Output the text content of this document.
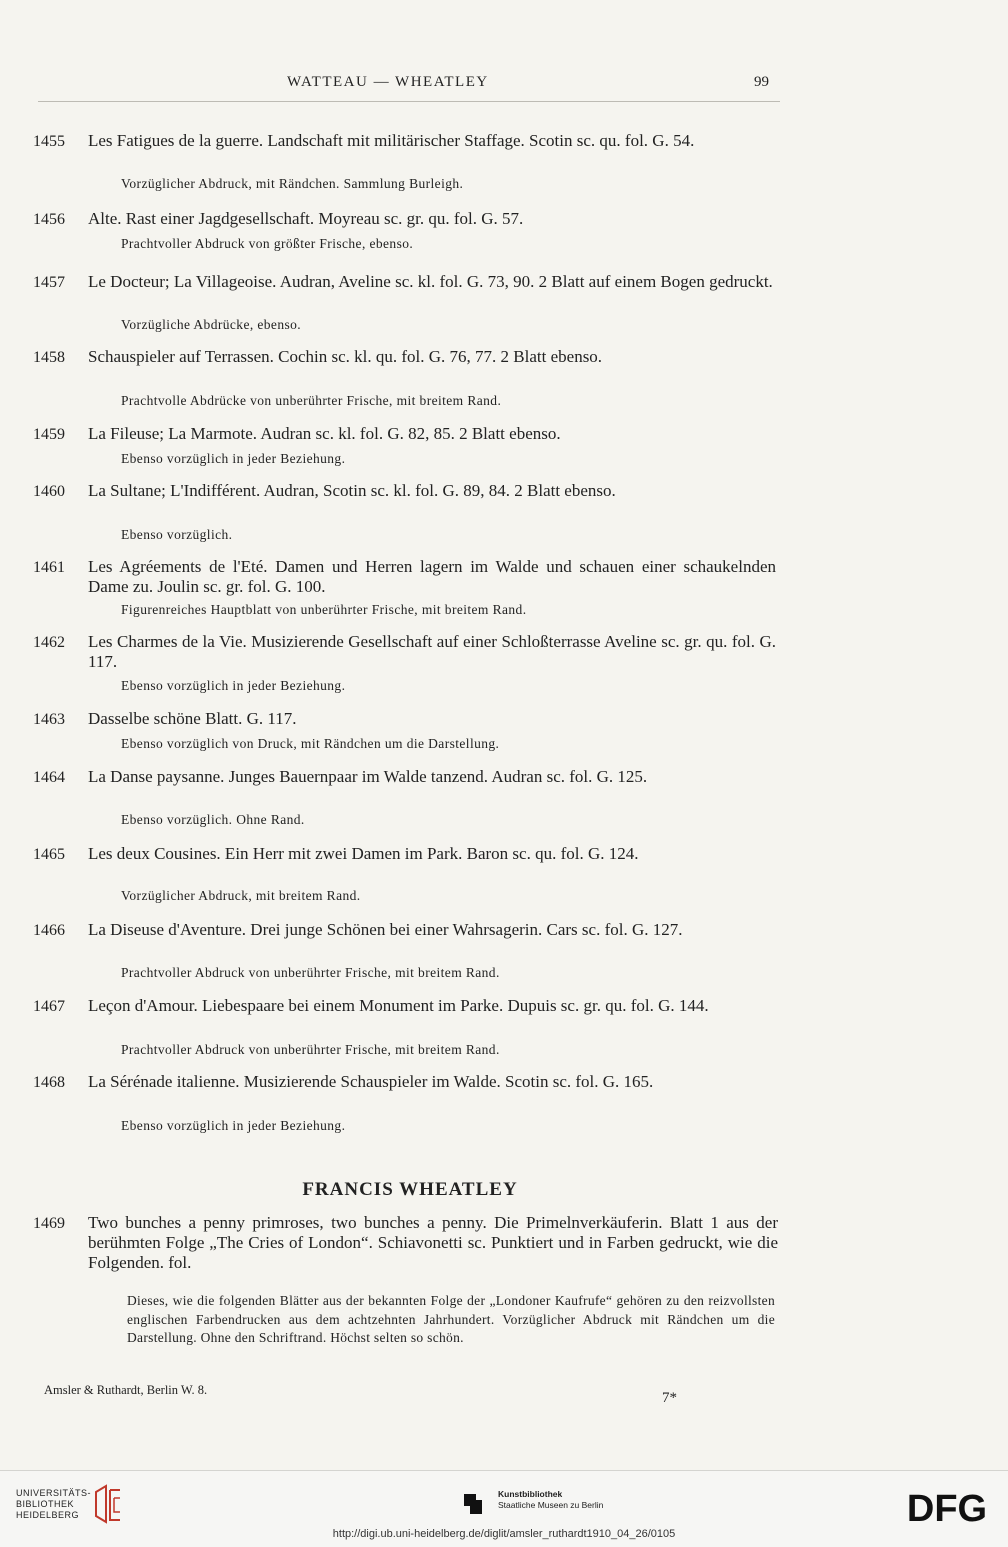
WATTEAU — WHEATLEY	99
1455 Les Fatigues de la guerre. Landschaft mit militärischer Staffage. Scotin sc. qu. fol. G. 54.
Vorzüglicher Abdruck, mit Rändchen. Sammlung Burleigh.
1456 Alte. Rast einer Jagdgesellschaft. Moyreau sc. gr. qu. fol. G. 57.
Prachtvoller Abdruck von größter Frische, ebenso.
1457 Le Docteur; La Villageoise. Audran, Aveline sc. kl. fol. G. 73, 90. 2 Blatt auf einem Bogen gedruckt.
Vorzügliche Abdrücke, ebenso.
1458 Schauspieler auf Terrassen. Cochin sc. kl. qu. fol. G. 76, 77. 2 Blatt ebenso.
Prachtvolle Abdrücke von unberührter Frische, mit breitem Rand.
1459 La Fileuse; La Marmote. Audran sc. kl. fol. G. 82, 85. 2 Blatt ebenso.
Ebenso vorzüglich in jeder Beziehung.
1460 La Sultane; L'Indifférent. Audran, Scotin sc. kl. fol. G. 89, 84. 2 Blatt ebenso.
Ebenso vorzüglich.
1461 Les Agréements de l'Eté. Damen und Herren lagern im Walde und schauen einer schaukelnden Dame zu. Joulin sc. gr. fol. G. 100.
Figurenreiches Hauptblatt von unberührter Frische, mit breitem Rand.
1462 Les Charmes de la Vie. Musizierende Gesellschaft auf einer Schloßterrasse Aveline sc. gr. qu. fol. G. 117.
Ebenso vorzüglich in jeder Beziehung.
1463 Dasselbe schöne Blatt. G. 117.
Ebenso vorzüglich von Druck, mit Rändchen um die Darstellung.
1464 La Danse paysanne. Junges Bauernpaar im Walde tanzend. Audran sc. fol. G. 125.
Ebenso vorzüglich. Ohne Rand.
1465 Les deux Cousines. Ein Herr mit zwei Damen im Park. Baron sc. qu. fol. G. 124.
Vorzüglicher Abdruck, mit breitem Rand.
1466 La Diseuse d'Aventure. Drei junge Schönen bei einer Wahrsagerin. Cars sc. fol. G. 127.
Prachtvoller Abdruck von unberührter Frische, mit breitem Rand.
1467 Leçon d'Amour. Liebespaare bei einem Monument im Parke. Dupuis sc. gr. qu. fol. G. 144.
Prachtvoller Abdruck von unberührter Frische, mit breitem Rand.
1468 La Sérénade italienne. Musizierende Schauspieler im Walde. Scotin sc. fol. G. 165.
Ebenso vorzüglich in jeder Beziehung.
FRANCIS WHEATLEY
1469 Two bunches a penny primroses, two bunches a penny. Die Primelnverkäuferin. Blatt 1 aus der berühmten Folge „The Cries of London“. Schiavonetti sc. Punktiert und in Farben gedruckt, wie die Folgenden. fol.
Dieses, wie die folgenden Blätter aus der bekannten Folge der „Londoner Kaufrufe“ gehören zu den reizvollsten englischen Farbendrucken aus dem achtzehnten Jahrhundert. Vorzüglicher Abdruck mit Rändchen um die Darstellung. Ohne den Schriftrand. Höchst selten so schön.
Amsler & Ruthardt, Berlin W. 8.	7*
UNIVERSITÄTS-
BIBLIOTHEK
HEIDELBERG
Kunstbibliothek
Staatliche Museen zu Berlin	DFG
http://digi.ub.uni-heidelberg.de/diglit/amsler_ruthardt1910_04_26/0105
